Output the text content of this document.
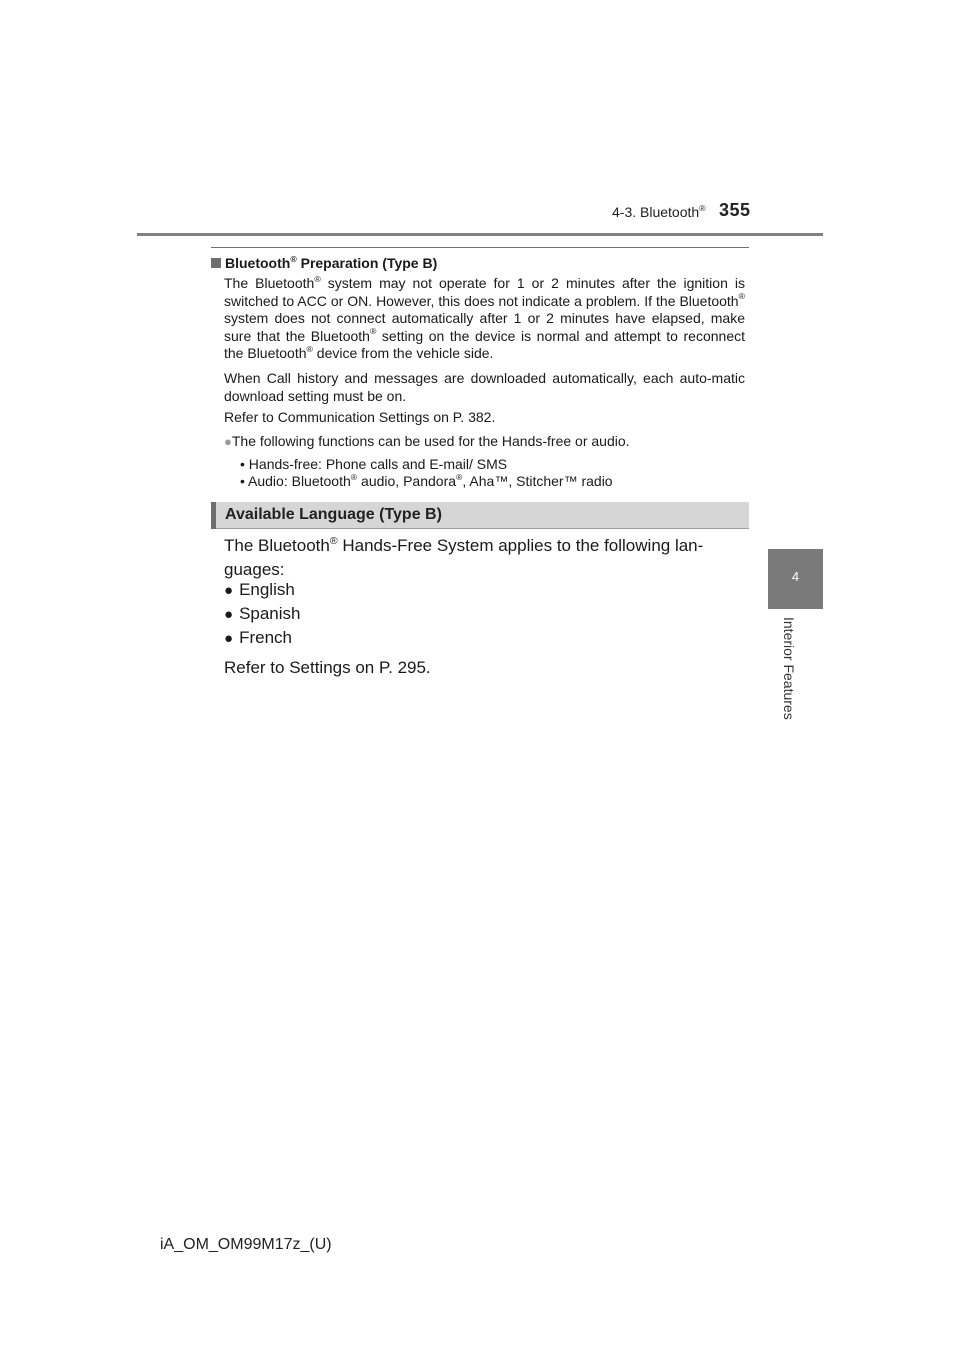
4-3. Bluetooth® 355
4
Interior Features
Bluetooth® Preparation (Type B)
The Bluetooth® system may not operate for 1 or 2 minutes after the ignition is switched to ACC or ON. However, this does not indicate a problem. If the Bluetooth® system does not connect automatically after 1 or 2 minutes have elapsed, make sure that the Bluetooth® setting on the device is normal and attempt to reconnect the Bluetooth® device from the vehicle side.
When Call history and messages are downloaded automatically, each auto-matic download setting must be on.
Refer to Communication Settings on P. 382.
●The following functions can be used for the Hands-free or audio.
• Hands-free: Phone calls and E-mail/ SMS
• Audio: Bluetooth® audio, Pandora®, Aha™, Stitcher™ radio
Available Language (Type B)
The Bluetooth® Hands-Free System applies to the following lan-guages:
● English
● Spanish
● French
Refer to Settings on P. 295.
iA_OM_OM99M17z_(U)
